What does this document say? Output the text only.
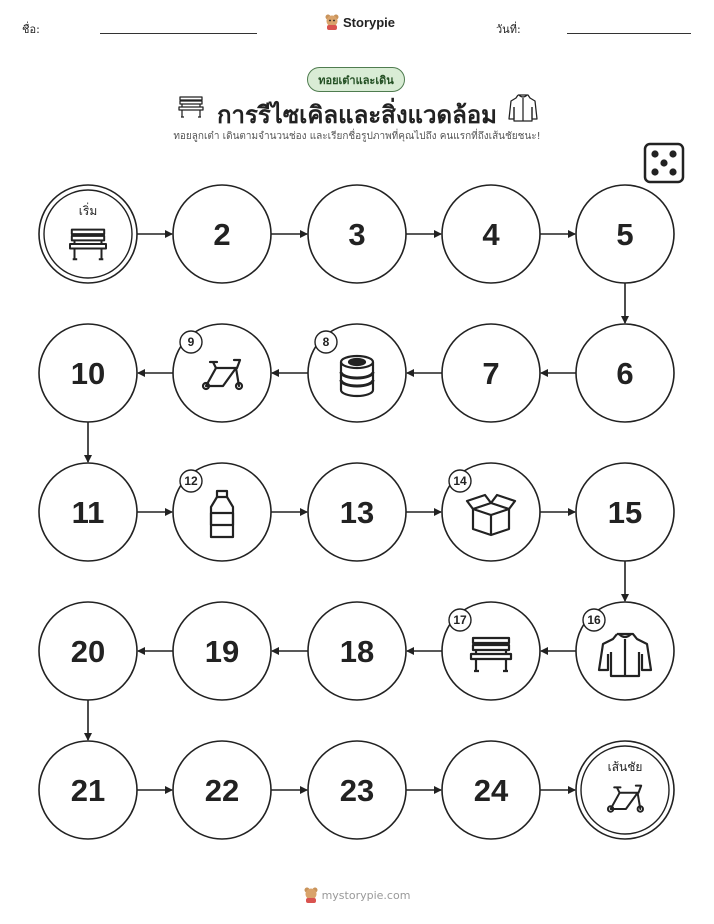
ชื่อ:	Storypie	วันที่:
ทอยเต๋าและเดิน
การรีไซเคิลและสิ่งแวดล้อม
ทอยลูกเต๋า เดินตามจำนวนช่อง และเรียกชื่อรูปภาพที่คุณไปถึง คนแรกที่ถึงเส้นชัยชนะ!
เริ่ม
2	3	4	5
6
7
8
9
10
11
12
13
14
15
16
17
18
19
20
21	22	23	24
เส้นชัย
mystorypie.com
